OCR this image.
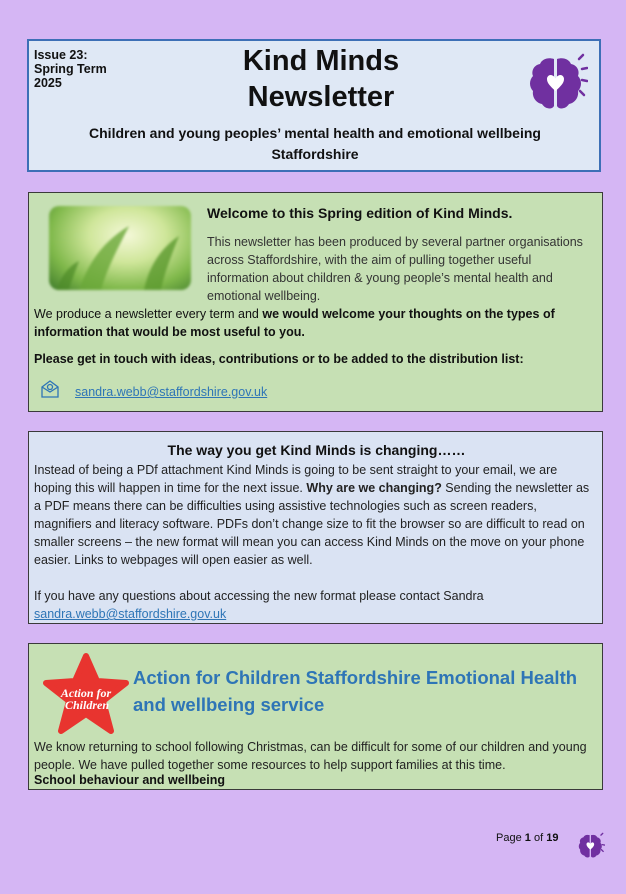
Issue 23:
Spring Term
2025
Kind Minds
Newsletter
Children and young peoples’ mental health and emotional wellbeing Staffordshire
Welcome to this Spring edition of Kind Minds.
This newsletter has been produced by several partner organisations across Staffordshire, with the aim of pulling together useful information about children & young people’s mental health and emotional wellbeing.
We produce a newsletter every term and we would welcome your thoughts on the types of information that would be most useful to you.
Please get in touch with ideas, contributions or to be added to the distribution list:
sandra.webb@staffordshire.gov.uk
The way you get Kind Minds is changing……
Instead of being a PDf attachment Kind Minds is going to be sent straight to your email, we are hoping this will happen in time for the next issue. Why are we changing? Sending the newsletter as a PDF means there can be difficulties using assistive technologies such as screen readers, magnifiers and literacy software. PDFs don’t change size to fit the browser so are difficult to read on smaller screens – the new format will mean you can access Kind Minds on the move on your phone easier. Links to webpages will open easier as well.
If you have any questions about accessing the new format please contact Sandra
sandra.webb@staffordshire.gov.uk
Action for
Children
Action for Children Staffordshire Emotional Health and wellbeing service
We know returning to school following Christmas, can be difficult for some of our children and young people. We have pulled together some resources to help support families at this time.
School behaviour and wellbeing
Page 1 of 19
